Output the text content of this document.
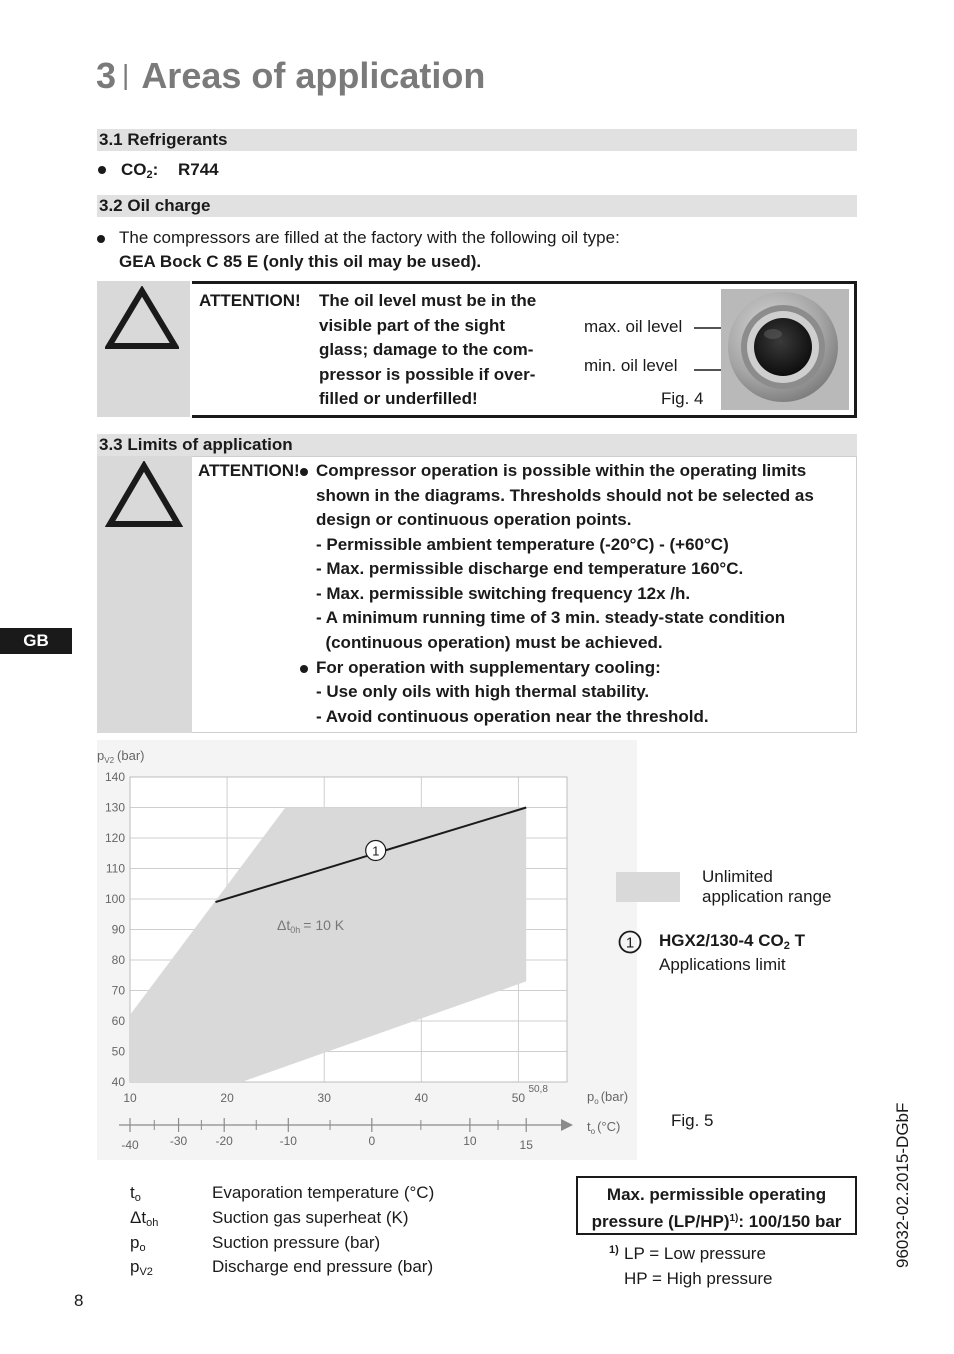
3 | Areas of application
3.1 Refrigerants
$CO_2$: R744
3.2 Oil charge
The compressors are filled at the factory with the following oil type:
GEA Bock C 85 E (only this oil may be used).
ATTENTION! The oil level must be in the
visible part of the sight
glass; damage to the com-
pressor is possible if over-
filled or underfilled!
max. oil level
min. oil level
Fig. 4
3.3 Limits of application
ATTENTION! Compressor operation is possible within the operating limits
shown in the diagrams. Thresholds should not be selected as
design or continuous operation points.
- Permissible ambient temperature (-20°C) - (+60°C)
- Max. permissible discharge end temperature 160°C.
- Max. permissible switching frequency 12x /h.
- A minimum running time of 3 min. steady-state condition
(continuous operation) must be achieved.
For operation with supplementary cooling:
- Use only oils with high thermal stability.
- Avoid continuous operation near the threshold.
GB
1
40
50
60
70
80
90
100
110
120
130
140
10	20	30	40	50
50,8
-40	-30 -20	-10	0	10	15
$p_{V2}$ (bar)
$p_o$ (bar)
$t_o$ (°C)
$\Delta t_{0h} = 10$ K
Unlimited
application range
1 HGX2/130-4 $CO_2$ T
Applications limit
Fig. 5
$t_o$	Evaporation temperature (°C)
$\Delta t_{oh}$	Suction gas superheat (K)
$p_o$	Suction pressure (bar)
$p_{V2}$	Discharge end pressure (bar)
Max. permissible operating
pressure $(LP/HP)^{1)}$: 100/150 bar
1) LP = Low pressure
HP = High pressure
96032-02.2015-DGbF
8
